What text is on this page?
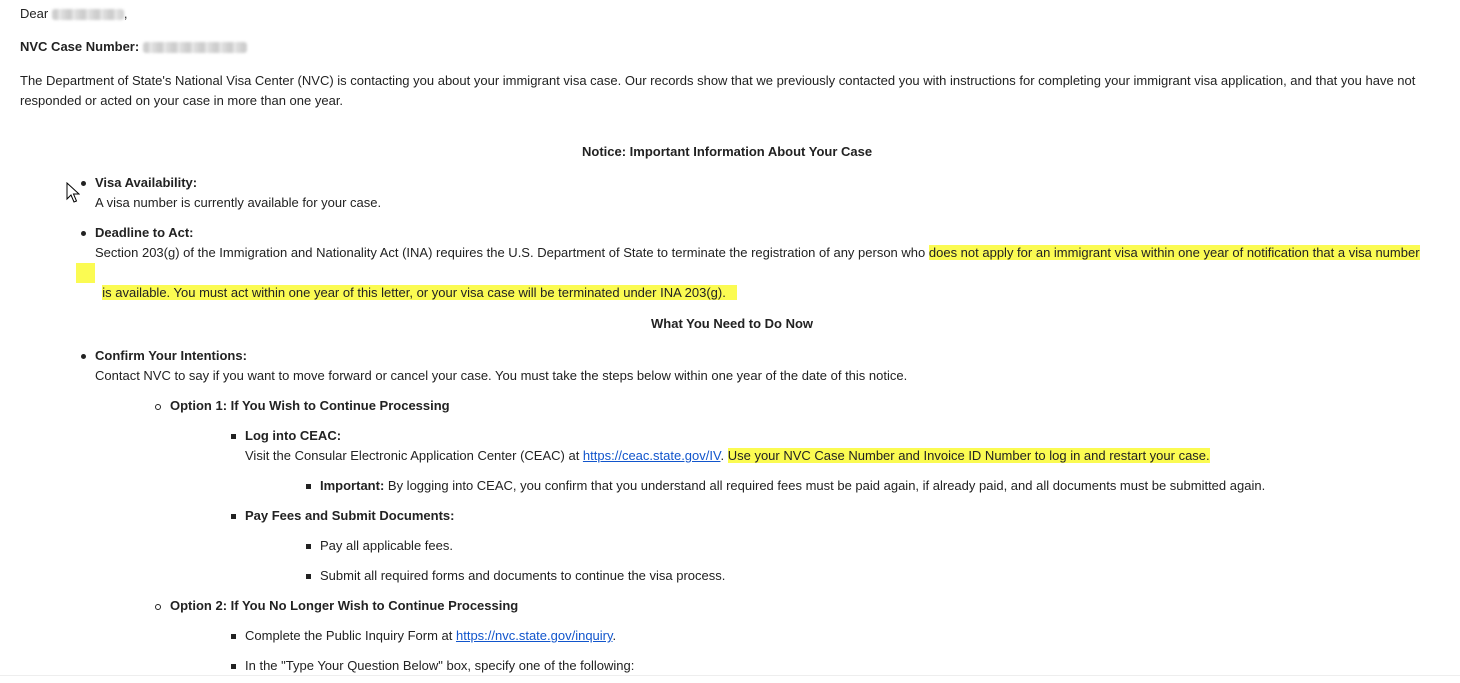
Dear	,
NVC Case Number:
The Department of State's National Visa Center (NVC) is contacting you about your immigrant visa case. Our records show that we previously contacted you with instructions for completing your immigrant visa application, and that you have not
responded or acted on your case in more than one year.
Notice: Important Information About Your Case
Visa Availability:
A visa number is currently available for your case.
Deadline to Act:
Section 203(g) of the Immigration and Nationality Act (INA) requires the U.S. Department of State to terminate the registration of any person who does not apply for an immigrant visa within one year of notification that a visa number

is available. You must act within one year of this letter, or your visa case will be terminated under INA 203(g).

What You Need to Do Now
Confirm Your Intentions:
Contact NVC to say if you want to move forward or cancel your case. You must take the steps below within one year of the date of this notice.
Option 1: If You Wish to Continue Processing
Log into CEAC:
Visit the Consular Electronic Application Center (CEAC) at https://ceac.state.gov/IV. Use your NVC Case Number and Invoice ID Number to log in and restart your case.
Important: By logging into CEAC, you confirm that you understand all required fees must be paid again, if already paid, and all documents must be submitted again.
Pay Fees and Submit Documents:
Pay all applicable fees.
Submit all required forms and documents to continue the visa process.
Option 2: If You No Longer Wish to Continue Processing
Complete the Public Inquiry Form at https://nvc.state.gov/inquiry.
In the "Type Your Question Below" box, specify one of the following:
